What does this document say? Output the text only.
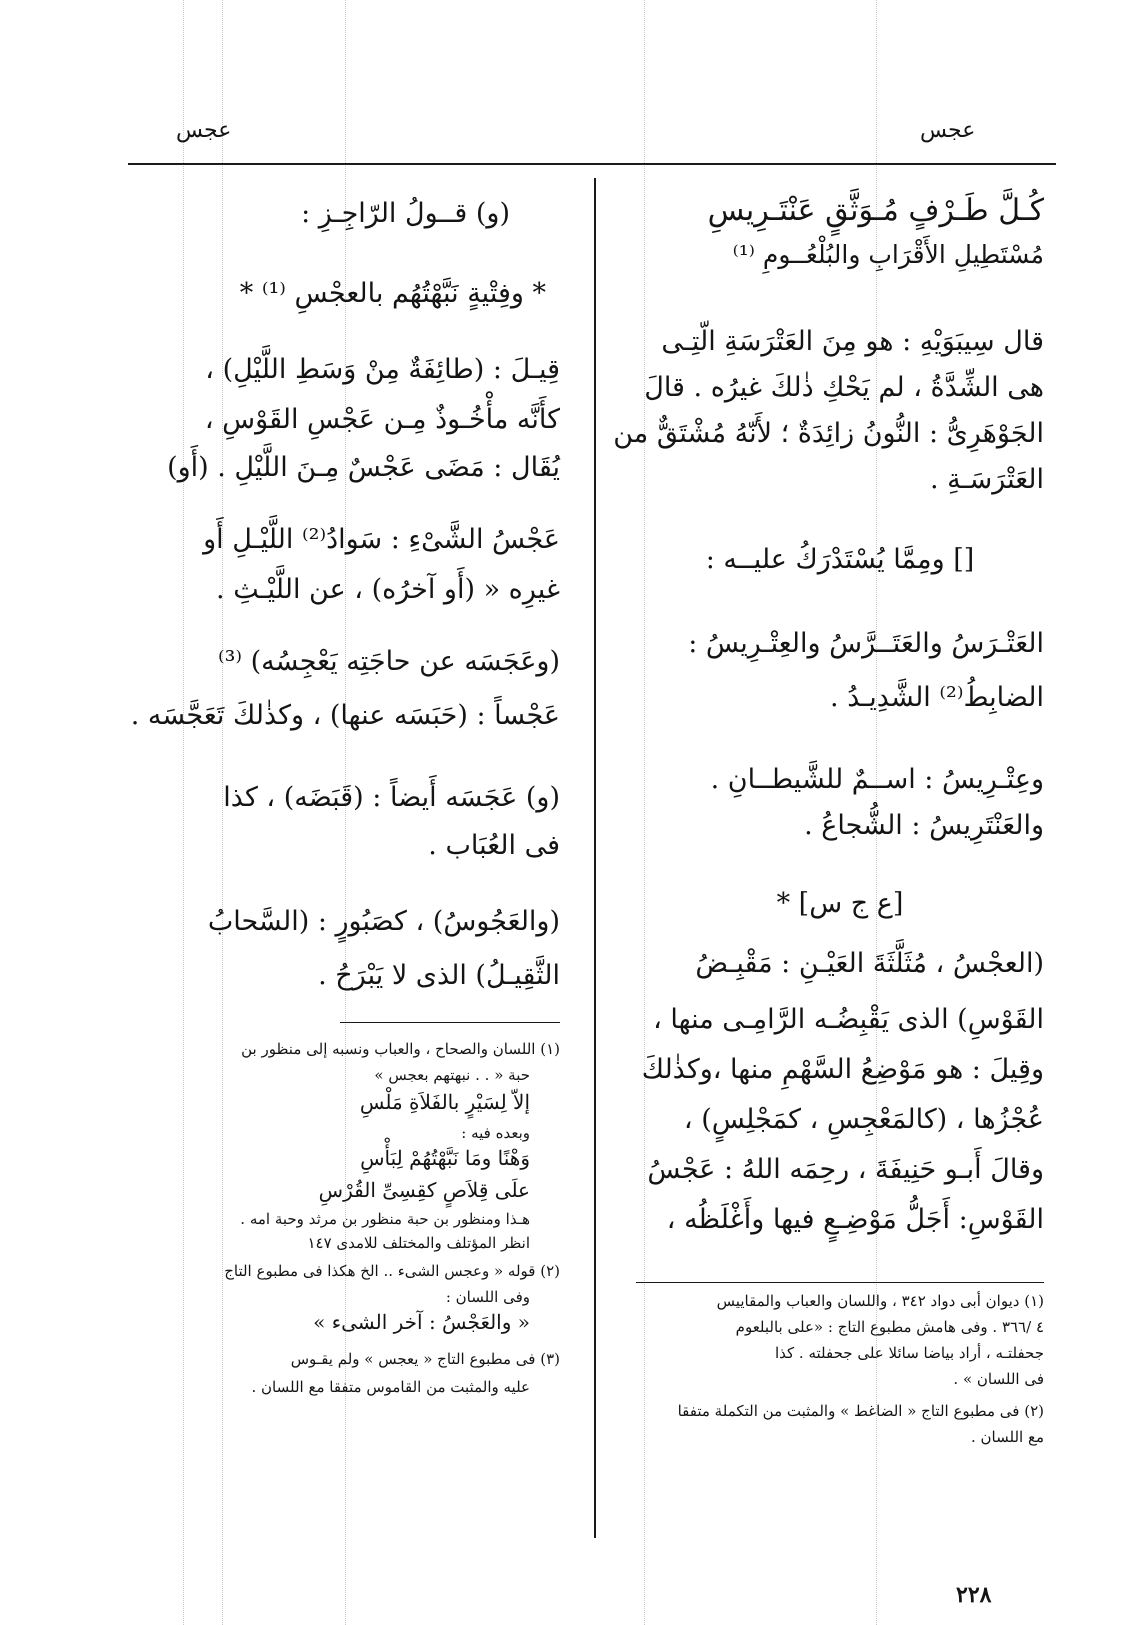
عجس
عجس
كُـلَّ طَـرْفٍ مُـوَثَّقٍ عَنْتَـرِيسِ
مُسْتَطِيلِ الأَقْرَابِ والبُلْعُــومِ ⁽¹⁾
قال سِيبَوَيْهِ : هو مِنَ العَتْرَسَةِ الّتِـى
هى الشِّدَّةُ ، لم يَحْكِ ذٰلكَ غيرُه . قالَ
الجَوْهَرِىُّ : النُّونُ زائِدَةٌ ؛ لأَنّهُ مُشْتَقٌّ من
العَتْرَسَـةِ .
[] ومِمَّا يُسْتَدْرَكُ عليــه :
العَتْـرَسُ والعَتَــرَّسُ والعِتْـرِيسُ :
الضابِطُ⁽²⁾ الشَّدِيـدُ .
وعِتْـرِيسُ : اســمٌ للشَّيطــانِ .
والعَنْتَرِيسُ : الشُّجاعُ .
[ع ج س] *
(العجْسُ ، مُثَلَّثَةَ العَيْـنِ : مَقْبِـضُ
القَوْسِ) الذى يَقْبِضُـه الرَّامِـى منها ،
وقِيلَ : هو مَوْضِعُ السَّهْمِ منها ،وكذٰلكَ
عُجْزُها ، (كالمَعْجِسِ ، كمَجْلِسٍ) ،
وقالَ أَبـو حَنِيفَةَ ، رحِمَه اللهُ : عَجْسُ
القَوْسِ: أَجَلُّ مَوْضِـعٍ فيها وأَغْلَظُه ،
(١) ديوان أبى دواد ٣٤٢ ، واللسان والعباب والمقاييس
٤ /٣٦٦ . وفى هامش مطبوع التاج : «على بالبلعوم
جحفلتـه ، أراد بياضا سائلا على جحفلته . كذا
فى اللسان » .
(٢) فى مطبوع التاج « الضاغط » والمثبت من التكملة متفقا
مع اللسان .
(و) قــولُ الرّاجِـزِ :
* وفِتْيةٍ نَبَّهْتُهُم بالعجْسِ ⁽¹⁾ *
قِيـلَ : (طائِفَةٌ مِنْ وَسَطِ اللَّيْلِ) ،
كأَنَّه مأْخُـوذٌ مِـن عَجْسِ القَوْسِ ،
يُقَال : مَضَى عَجْسٌ مِـنَ اللَّيْلِ . (أَو)
عَجْسُ الشَّىْءِ : سَوادُ⁽²⁾ اللَّيْـلِ أَو
غيرِه « (أَو آخرُه) ، عن اللَّيْـثِ .
(وعَجَسَه عن حاجَتِه يَعْجِسُه) ⁽³⁾
عَجْساً : (حَبَسَه عنها) ، وكذٰلكَ تَعَجَّسَه .
(و) عَجَسَه أَيضاً : (قَبَضَه) ، كذا
فى العُبَاب .
(والعَجُوسُ) ، كصَبُورٍ : (السَّحابُ
الثَّقِيـلُ) الذى لا يَبْرَحُ .
(١) اللسان والصحاح ، والعباب ونسبه إلى منظور بن
حبة « . . نبهتهم بعجس »
إلاّ لِسَيْرٍ بالفَلاَةِ مَلْسِ
وبعده فيه :
وَهْنًا ومَا نَبَّهْتُهُمْ لِبَأْسِ
علَى قِلاَصٍ كقِسِىِّ القُرْسِ
هـذا ومنظور بن حبة منظور بن مرثد وحبة امه .
انظر المؤتلف والمختلف للامدى ١٤٧
(٢) قوله « وعجس الشىء .. الخ هكذا فى مطبوع التاج
وفى اللسان :
« والعَجْسُ : آخر الشىء »
(٣) فى مطبوع التاج « يعجس » ولم يقـوس
عليه والمثبت من القاموس متفقا مع اللسان .
٢٢٨
